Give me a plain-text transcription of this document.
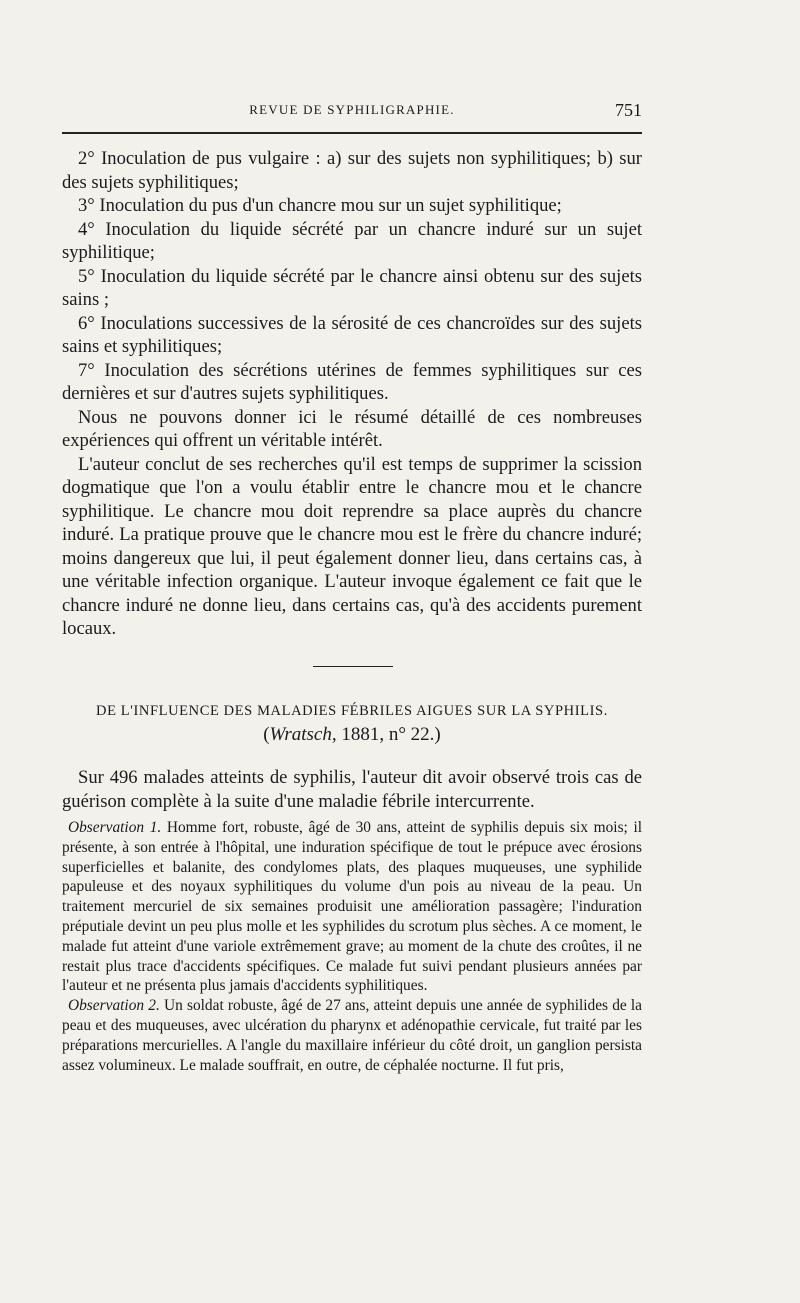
REVUE DE SYPHILIGRAPHIE.	751

2° Inoculation de pus vulgaire : a) sur des sujets non syphilitiques; b) sur des sujets syphilitiques;

3° Inoculation du pus d'un chancre mou sur un sujet syphilitique;

4° Inoculation du liquide sécrété par un chancre induré sur un sujet syphilitique;

5° Inoculation du liquide sécrété par le chancre ainsi obtenu sur des sujets sains ;

6° Inoculations successives de la sérosité de ces chancroïdes sur des sujets sains et syphilitiques;

7° Inoculation des sécrétions utérines de femmes syphilitiques sur ces dernières et sur d'autres sujets syphilitiques.

Nous ne pouvons donner ici le résumé détaillé de ces nombreuses expériences qui offrent un véritable intérêt.

L'auteur conclut de ses recherches qu'il est temps de supprimer la scission dogmatique que l'on a voulu établir entre le chancre mou et le chancre syphilitique. Le chancre mou doit reprendre sa place auprès du chancre induré. La pratique prouve que le chancre mou est le frère du chancre induré; moins dangereux que lui, il peut également donner lieu, dans certains cas, à une véritable infection organique. L'auteur invoque également ce fait que le chancre induré ne donne lieu, dans certains cas, qu'à des accidents purement locaux.

DE L'INFLUENCE DES MALADIES FÉBRILES AIGUES SUR LA SYPHILIS.
(Wratsch, 1881, n° 22.)

Sur 496 malades atteints de syphilis, l'auteur dit avoir observé trois cas de guérison complète à la suite d'une maladie fébrile intercurrente.

Observation 1. Homme fort, robuste, âgé de 30 ans, atteint de syphilis depuis six mois; il présente, à son entrée à l'hôpital, une induration spécifique de tout le prépuce avec érosions superficielles et balanite, des condylomes plats, des plaques muqueuses, une syphilide papuleuse et des noyaux syphilitiques du volume d'un pois au niveau de la peau. Un traitement mercuriel de six semaines produisit une amélioration passagère; l'induration préputiale devint un peu plus molle et les syphilides du scrotum plus sèches. A ce moment, le malade fut atteint d'une variole extrêmement grave; au moment de la chute des croûtes, il ne restait plus trace d'accidents spécifiques. Ce malade fut suivi pendant plusieurs années par l'auteur et ne présenta plus jamais d'accidents syphilitiques.

Observation 2. Un soldat robuste, âgé de 27 ans, atteint depuis une année de syphilides de la peau et des muqueuses, avec ulcération du pharynx et adénopathie cervicale, fut traité par les préparations mercurielles. A l'angle du maxillaire inférieur du côté droit, un ganglion persista assez volumineux. Le malade souffrait, en outre, de céphalée nocturne. Il fut pris,
